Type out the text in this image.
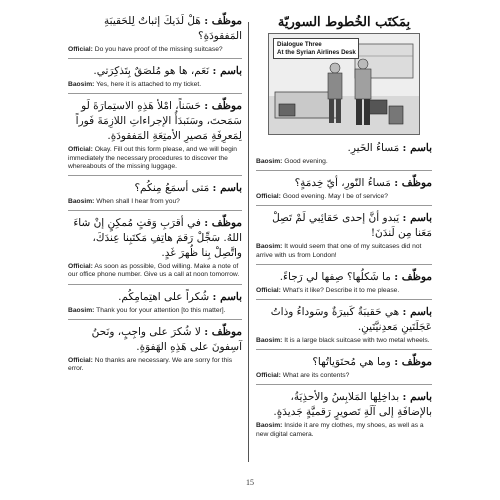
موظّف : هَلْ لَدَيكَ إثباتٌ لِلحَقيبَةِ المَفقودَةِ؟

Official: Do you have proof of the missing suitcase?

باسم : نَعَم، ها هو مُلصَقٌ بِتَذكِرَتي.

Baosim: Yes, here it is attached to my ticket.

موظّف : حَسَناً، امْلأ هَذِهِ الاستِمارَةَ لَو سَمَحتَ، وسَنَبدَأُ الإجراءاتِ اللازِمَةَ فَوراً لِمَعرِفَةِ مَصيرِ الأمتِعَةِ المَفقودَةِ.

Official: Okay. Fill out this form please, and we will begin immediately the necessary procedures to discover the whereabouts of the missing luggage.

باسم : مَتى أسمَعُ مِنكُم؟

Baosim: When shall I hear from you?

موظّف : في أقرَبِ وَقتٍ مُمكِنٍ إنْ شاءَ اللهُ. سَجِّلْ رَقمَ هاتِفِ مَكتَبِنا عِندَكَ، واتَّصِلْ بِنا ظُهرَ غَدٍ.

Official: As soon as possible, God willing. Make a note of our office phone number. Give us a call at noon tomorrow.

باسم : شُكراً على اهتِمامِكُم.

Baosim: Thank you for your attention [to this matter].

موظّف : لا شُكرَ على واجِبٍ، ونَحنُ آسِفونَ على هَذِهِ الهَفوَةِ.

Official: No thanks are necessary. We are sorry for this error.

بِمَكتَب الخُطوط السوريّة

Dialogue Three
At the Syrian Airlines Desk

باسم : مَساءُ الخَيرِ.

Baosim: Good evening.

موظّف : مَساءُ النّورِ، أيّ خِدمَةٍ؟

Official: Good evening. May I be of service?

باسم : يَبدو أنَّ إحدى حَقائِبي لَمْ تَصِلْ مَعَنا مِن لَندَنَ!

Baosim: It would seem that one of my suitcases did not arrive with us from London!

موظّف : ما شَكلُها؟ صِفها لي رَجاءً.

Official: What's it like? Describe it to me please.

باسم : هي حَقيبَةٌ كَبيرَةٌ وسَوداءُ وذاتُ عَجَلَتَينِ مَعدِنيَّتَينِ.

Baosim: It is a large black suitcase with two metal wheels.

موظّف : وما هي مُحتَوَياتُها؟

Official: What are its contents?

باسم : بداخِلِها المَلابِسُ والأحذِيَةُ، بالإضافَةِ إلى آلَةِ تَصويرٍ رَقميَّةٍ جَديدَةٍ.

Baosim: Inside it are my clothes, my shoes, as well as a new digital camera.

15
